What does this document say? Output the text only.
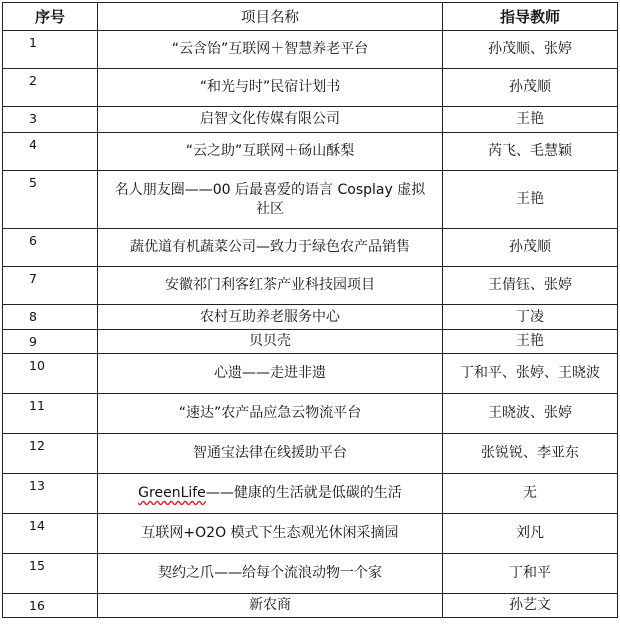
序号	项目名称	指导教师
1	“云含饴”互联网＋智慧养老平台	孙茂顺、张婷
2	“和光与时”民宿计划书	孙茂顺
3	启智文化传媒有限公司	王艳
4	“云之助”互联网＋砀山酥梨	芮飞、毛慧颖
5	名人朋友圈——00 后最喜爱的语言 Cosplay 虚拟社区	王艳
6	蔬优道有机蔬菜公司—致力于绿色农产品销售	孙茂顺
7	安徽祁门利客红茶产业科技园项目	王倩钰、张婷
8	农村互助养老服务中心	丁凌
9	贝贝壳	王艳
10	心遗——走进非遗	丁和平、张婷、王晓波
11	“速达”农产品应急云物流平台	王晓波、张婷
12	智通宝法律在线援助平台	张锐锐、李亚东
13	GreenLife——健康的生活就是低碳的生活	无
14	互联网+O2O 模式下生态观光休闲采摘园	刘凡
15	契约之爪——给每个流浪动物一个家	丁和平
16	新农商	孙艺文
